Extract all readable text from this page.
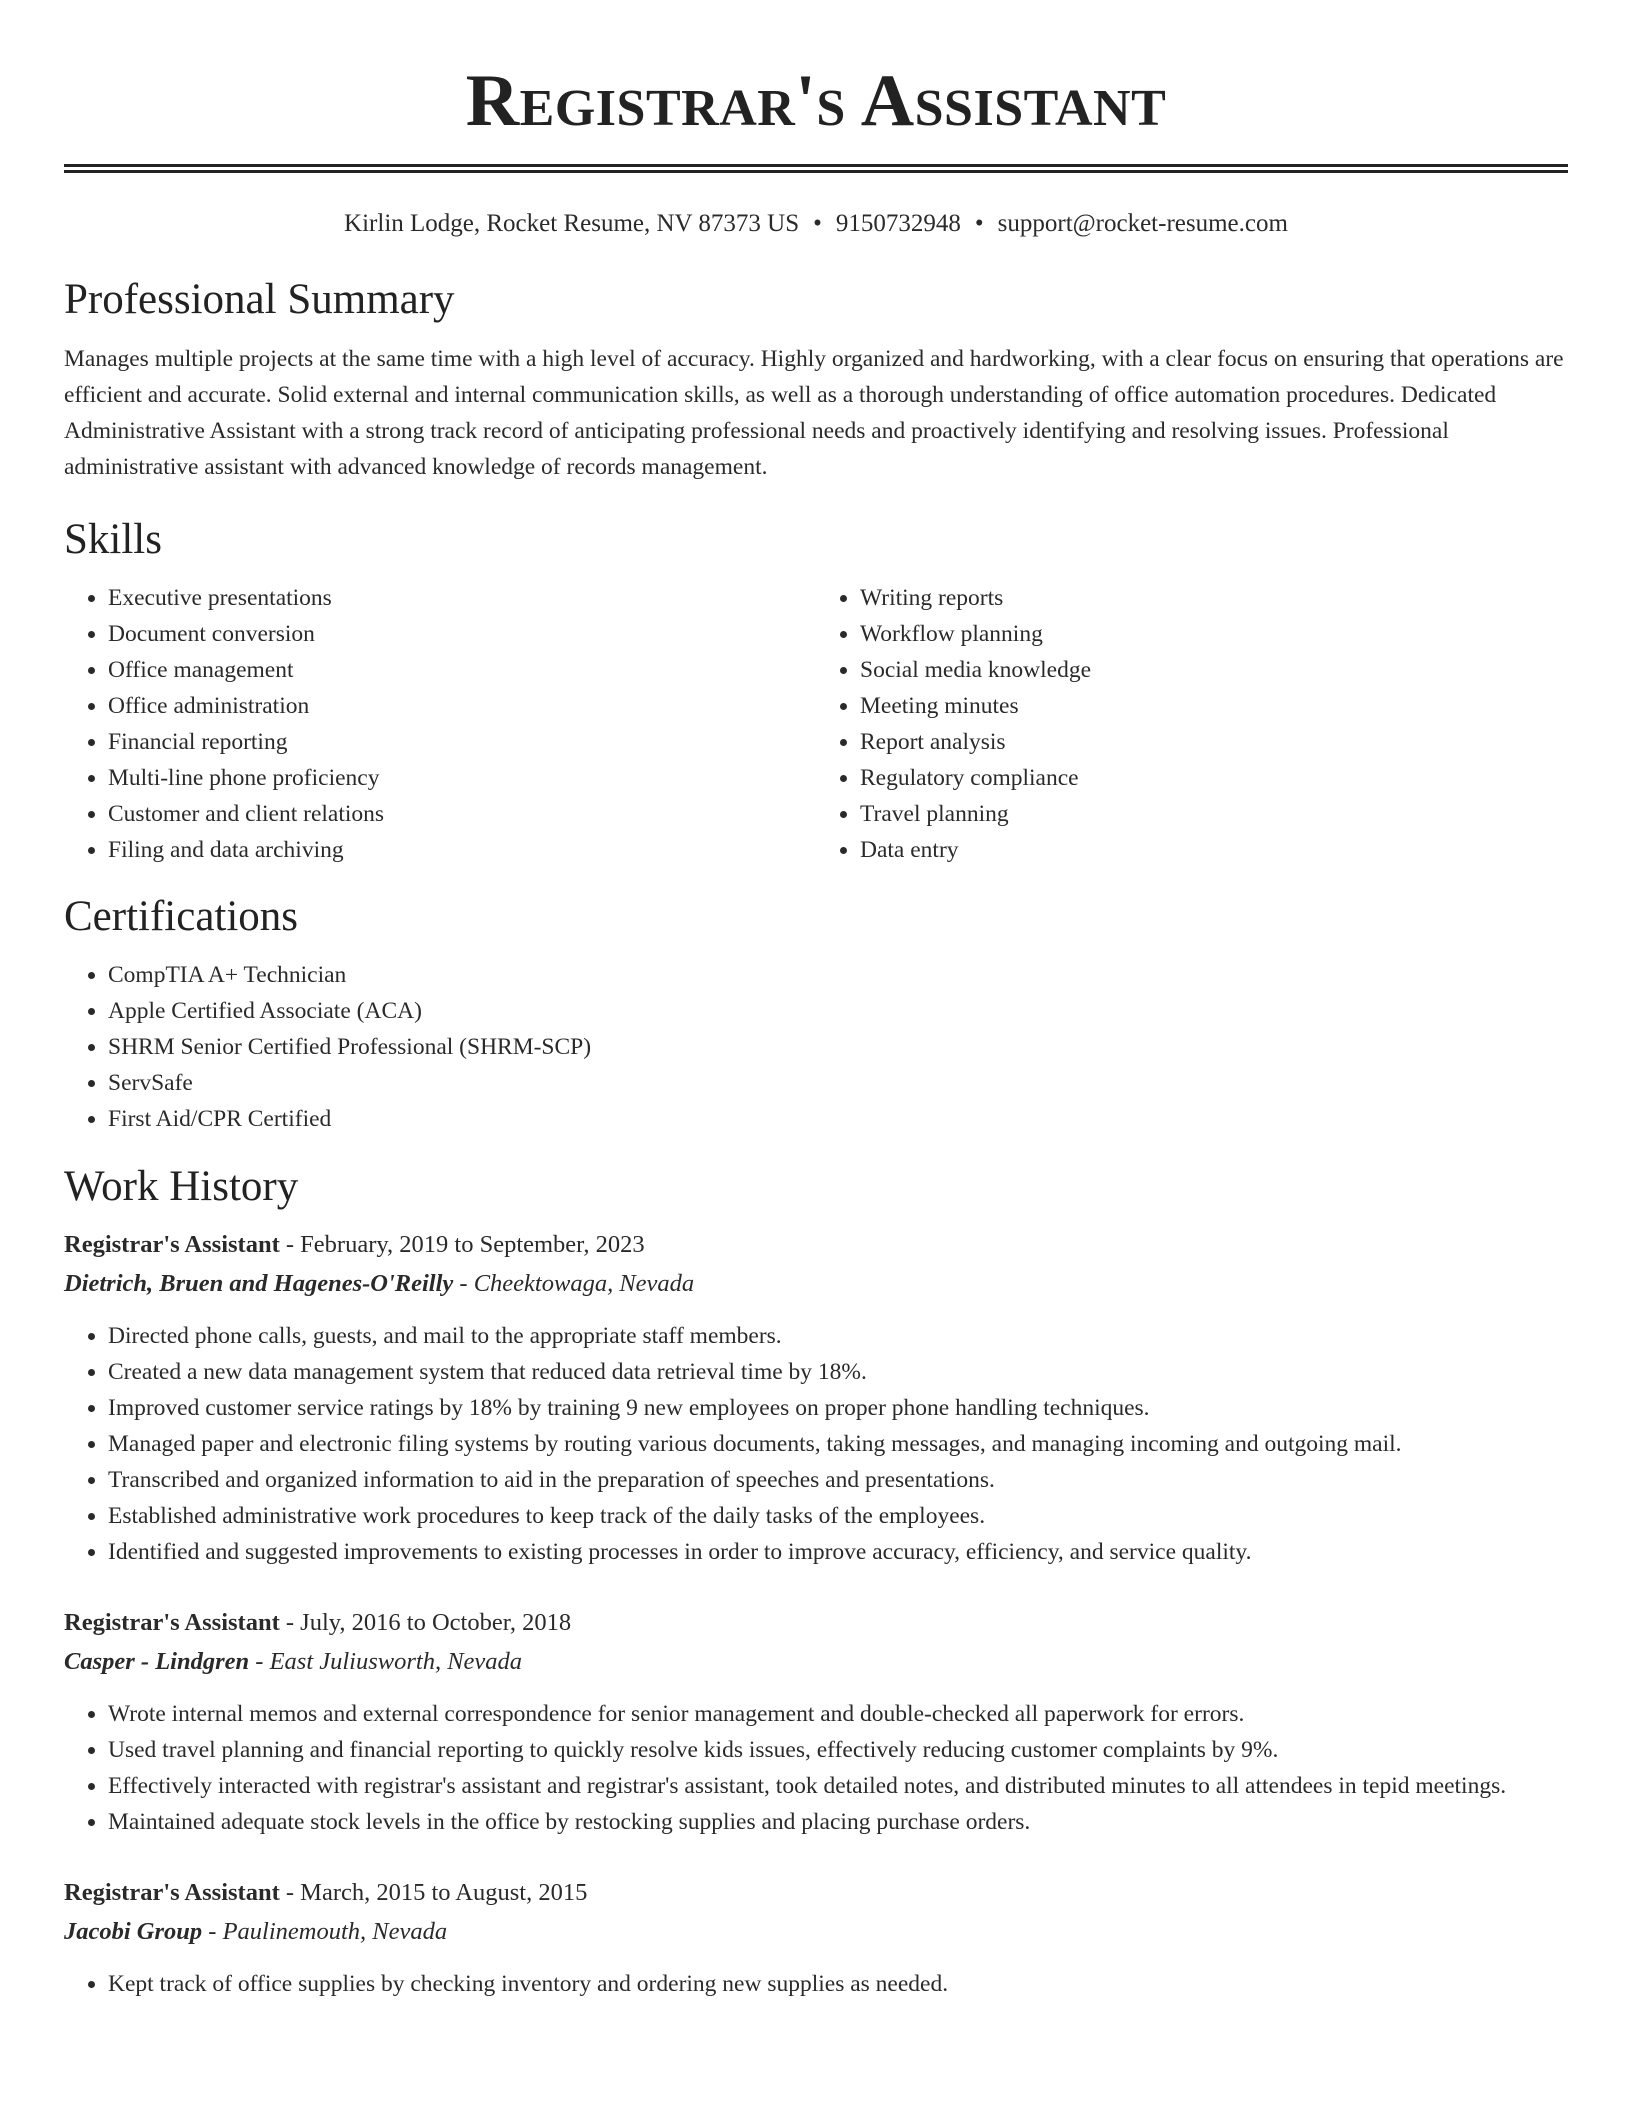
Registrar's Assistant
Kirlin Lodge, Rocket Resume, NV 87373 US • 9150732948 • support@rocket-resume.com
Professional Summary

Manages multiple projects at the same time with a high level of accuracy. Highly organized and hardworking, with a clear focus on ensuring that operations are efficient and accurate. Solid external and internal communication skills, as well as a thorough understanding of office automation procedures. Dedicated Administrative Assistant with a strong track record of anticipating professional needs and proactively identifying and resolving issues. Professional administrative assistant with advanced knowledge of records management.

Skills
• Executive presentations
• Document conversion
• Office management
• Office administration
• Financial reporting
• Multi-line phone proficiency
• Customer and client relations
• Filing and data archiving
• Writing reports
• Workflow planning
• Social media knowledge
• Meeting minutes
• Report analysis
• Regulatory compliance
• Travel planning
• Data entry
Certifications
• CompTIA A+ Technician
• Apple Certified Associate (ACA)
• SHRM Senior Certified Professional (SHRM-SCP)
• ServSafe
• First Aid/CPR Certified
Work History
Registrar's Assistant - February, 2019 to September, 2023
Dietrich, Bruen and Hagenes-O'Reilly - Cheektowaga, Nevada
• Directed phone calls, guests, and mail to the appropriate staff members.
• Created a new data management system that reduced data retrieval time by 18%.
• Improved customer service ratings by 18% by training 9 new employees on proper phone handling techniques.
• Managed paper and electronic filing systems by routing various documents, taking messages, and managing incoming and outgoing mail.
• Transcribed and organized information to aid in the preparation of speeches and presentations.
• Established administrative work procedures to keep track of the daily tasks of the employees.
• Identified and suggested improvements to existing processes in order to improve accuracy, efficiency, and service quality.
Registrar's Assistant - July, 2016 to October, 2018
Casper - Lindgren - East Juliusworth, Nevada
• Wrote internal memos and external correspondence for senior management and double-checked all paperwork for errors.
• Used travel planning and financial reporting to quickly resolve kids issues, effectively reducing customer complaints by 9%.
• Effectively interacted with registrar's assistant and registrar's assistant, took detailed notes, and distributed minutes to all attendees in tepid meetings.
• Maintained adequate stock levels in the office by restocking supplies and placing purchase orders.
Registrar's Assistant - March, 2015 to August, 2015
Jacobi Group - Paulinemouth, Nevada
• Kept track of office supplies by checking inventory and ordering new supplies as needed.
